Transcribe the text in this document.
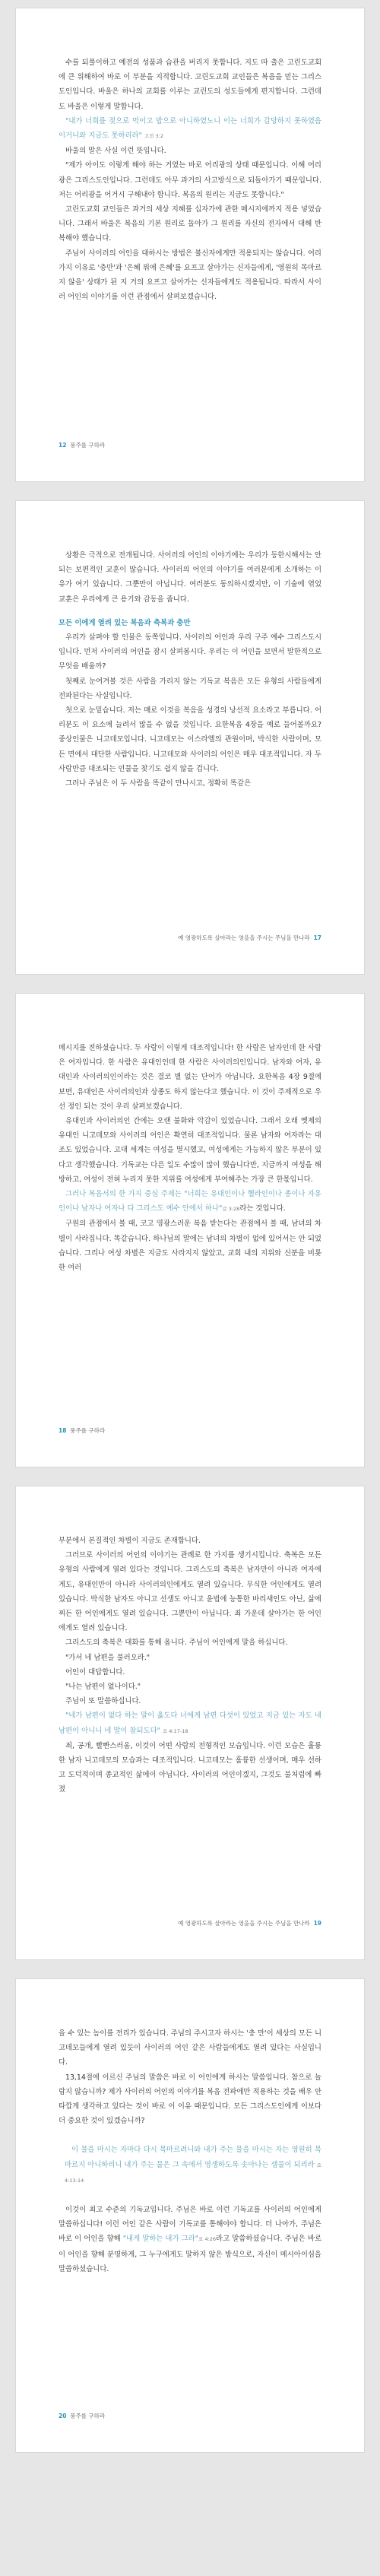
수를 되풀이하고 예전의 성품과 습관을 버리지 못합니다. 지도 따 출은 고린도교회에 큰 위해하여 바로 이 부분을 지적합니다. 고린도교회 교인들은 복음을 믿는 그리스도인입니다. 바울은 하나의 교회를 이루는 교린도의 성도들에게 편지합니다. 그런데도 바울은 이렇게 말합니다.

"내가 너희를 젖으로 먹이고 밥으로 아니하였노니 이는 너희가 감당하지 못하였음이거니와 지금도 못하리라" 고전 3:2

바울의 말은 사실 이런 뜻입니다.

"제가 아이도 이렇게 해야 하는 거였는 바로 어리광의 상태 때문입니다. 이해 어리광은 그리스도인입니다. 그런데도 아무 과거의 사고방식으로 되돌아가기 때문입니다. 저는 어리광을 어거시 구해내야 합니다. 복음의 원리는 지금도 못합니다."

고린도교회 교인들은 과거의 세상 지혜를 십자가에 관한 메시지에까지 적용 넣었습니다. 그래서 바울은 복음의 기본 원리로 돌아가 그 원리를 자신의 전자에서 대해 반복해야 했습니다.

주님이 사이러의 어인을 대하시는 방법은 불신자에게만 적용되지는 않습니다. 어리 가지 이유로 '충만'과 '은혜 위에 은혜'를 요프고 살아가는 신자들에게, '영원히 목마르지 않을' 상태가 된 지 거의 요프고 살아가는 신자들에게도 적용됩니다. 따라서 사이러 어인의 이야기를 이런 관점에서 살펴보겠습니다.

12 풍주를 구하라

상황은 극적으로 전개됩니다. 사이러의 어인의 이야기에는 우리가 등한시해서는 안 되는 보편적인 교훈이 많습니다. 사이러의 어인의 이야기를 여러분에게 소개하는 이유가 여기 있습니다. 그뿐만이 아닙니다. 여러분도 동의하시겠지만, 이 기술에 엮었 교훈은 우리에게 큰 용기와 감동을 줍니다.

모든 이에게 열려 있는 복음과 축복과 충만

우리가 살펴야 할 인물은 동쪽입니다. 사이러의 어인과 우리 구주 예수 그리스도시입니다. 먼저 사이러의 어인을 잠시 살펴봅시다. 우리는 이 어인을 보면서 말한적으로 무엇을 배울까?

첫째로 눈여겨볼 것은 사람을 가리지 않는 기독교 복음은 모든 유형의 사람들에게 전파된다는 사실입니다.

첫으로 눈밑습니다. 저는 매로 이것을 복음을 성경의 낭선적 요소라고 부릅니다. 어리분도 이 요소에 늘려서 많을 수 없을 것입니다. 요한복음 4장을 예로 들어볼까요? 중상인물은 니고데모입니다. 니고데모는 이스라엘의 관원이며, 박식한 사람이며, 모든 면에서 대단한 사람입니다. 니고데모와 사이러의 어인은 매우 대조적입니다. 자 두 사람만큼 대조되는 인물을 찾기도 쉽지 않을 겁니다.

그러나 주님은 이 두 사람을 똑같이 만나시고, 정확히 똑같은

예 영광하도록 살아라는 영을을 주시는 주님을 만나라 17

메시지를 전하셨습니다. 두 사람이 이렇게 대조적입니다! 한 사람은 남자인데 한 사람은 여자입니다. 한 사람은 유대인인데 한 사람은 사이러의인입니다. 남자와 여자, 유대인과 사이러의인이라는 것은 결코 별 없는 단어가 아닙니다. 요한복음 4장 9절에 보면, 유대인은 사이러의인과 상종도 하지 않는다고 했습니다. 이 것이 주제적으로 우선 정인 되는 것이 우리 살펴보겠습니다.

유대인과 사이러의인 간에는 오랜 불화와 악감이 있었습니다. 그래서 오래 옛제의 유대인 니고데모와 사이러의 어인은 확연히 대조적입니다. 물론 남자와 여자라는 대조도 있었습니다. 고대 세계는 여성을 멸시했고, 여성에게는 가능하지 않은 부분이 있다고 생각했습니다. 기독교는 다른 일도 수많이 많이 했습니다만, 지금까지 여성을 해방하고, 여성이 전혀 누리지 못한 지위를 여성에게 부여해주는 가장 큰 한몫입니다.

그러나 복음서의 한 가지 중심 주제는 "너희는 유대인이나 헬라인이나 종이나 자유인이나 남자나 여자나 다 그리스도 예수 안에서 하나"갈 3:28라는 것입니다.

구원의 관점에서 볼 때, 코고 영광스러운 복음 받는다는 관점에서 볼 때, 남녀의 차별이 사라집니다. 똑같습니다. 하나님의 말에는 남녀의 차별이 없에 있어서는 안 되었습니다. 그리나 여성 차별은 지금도 사라지지 않았고, 교회 내의 지위와 신분을 비롯한 여러

18 풍주를 구하라

부분에서 본질적인 차별이 지금도 존재합니다.

그러므로 사이러의 어인의 이야기는 관례로 한 가지를 생기시킵니다. 축복은 모든 유형의 사람에게 열려 있다는 것입니다. 그리스도의 축복은 남자만이 아니라 여자에게도, 유대인만이 아니라 사이러의인에게도 열려 있습니다. 무식한 어인에게도 열려 있습니다. 박식한 남자도 아니고 선생도 아니고 윤법에 능통한 바리새인도 아닌, 삶에 찌든 한 어인에게도 열려 있습니다. 그뿐만이 아닙니다. 죄 가운데 살아가는 한 어인에게도 열려 있습니다.

그리스도의 축복은 대화를 통해 옵니다. 주님이 어인에게 말을 하십니다.

"가서 네 남편을 불러오라."

어인이 대답합니다.

"나는 남편이 없나이다."

주님이 또 말씀하십니다.

"네가 남편이 없다 하는 말이 옳도다 너에게 남편 다섯이 있었고 지금 있는 자도 네 남편이 아니니 네 말이 참되도다" 요 4:17-18

죄, 공개, 빨빤스러움, 이것이 어떤 사람의 전형적인 모습입니다. 이런 모습은 훌륭한 남자 니고데모의 모습과는 대조적입니다. 니고데모는 훌륭한 선생이며, 매우 선하고 도덕적이며 종교적인 삶에이 아닙니다. 사이러의 어인이겠지, 그것도 불처럼에 빠졌

예 영광하도록 살아라는 영을을 주시는 주님을 만나라 19

을 수 있는 놈이를 전리가 있습니다. 주님의 주시고자 하시는 '충 만'이 세상의 모든 니고데모들에게 열려 있듯이 사이러의 어인 같은 사람들에게도 열려 있다는 사실입니다.

13,14절에 이르신 주님의 말씀은 바로 이 어인에게 하시는 말씀입니다. 참으로 놀랍지 않습니까? 제가 사이러의 어인의 이야기를 복음 전파에만 적용하는 것을 배우 안타깝게 생각하고 있다는 것이 바로 이 이유 때문입니다. 모든 그리스도인에게 이보다 더 중요한 것이 있겠습니까?

이 물을 마시는 자마다 다시 목마르려니와 내가 주는 물을 마시는 자는 영원히 목마르지 아니하리니 내가 주는 물은 그 속에서 영생하도록 솟아나는 샘물이 되리라 요 4:13-14

이것이 최고 수준의 기독교입니다. 주님은 바로 이런 기독교를 사이러의 어인에게 말씀하십니다! 이런 어인 같은 사람이 기독교를 통해야야 합니다. 더 나아가, 주님은 바로 이 어인을 향해 "내게 말하는 내가 그라"요 4:26라고 말씀하셨습니다. 주님은 바로 이 어인을 향해 분명하게, 그 누구에게도 말하지 않은 방식으로, 자신이 메시아이심을 말씀하셨습니다.

20 풍주를 구하라
